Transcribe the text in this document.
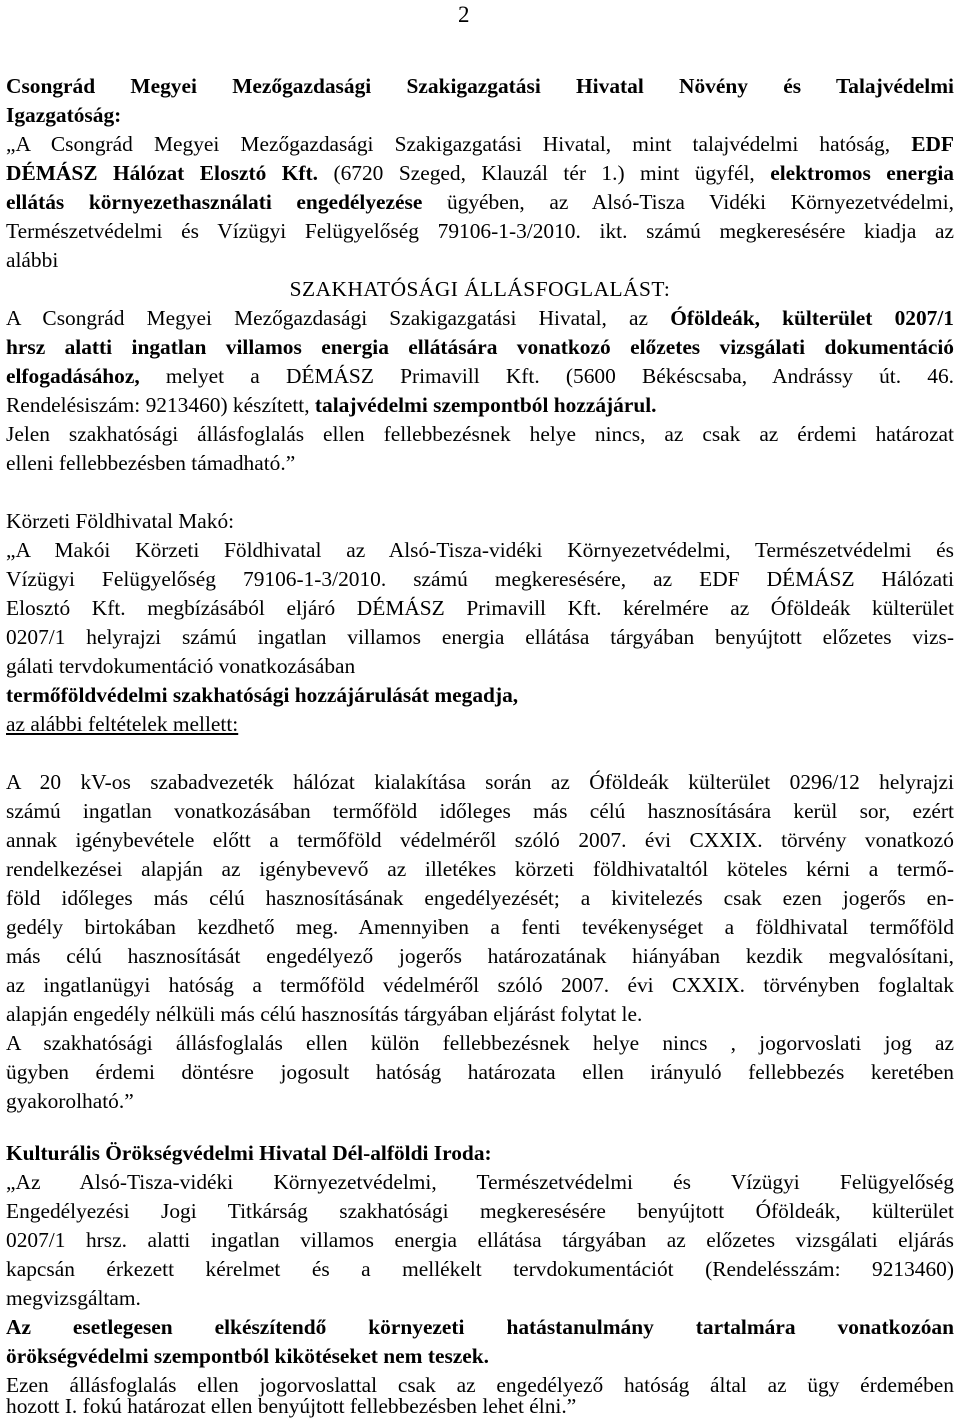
2
Csongrád Megyei Mezőgazdasági Szakigazgatási Hivatal Növény és Talajvédelmi
Igazgatóság:
„A Csongrád Megyei Mezőgazdasági Szakigazgatási Hivatal, mint talajvédelmi hatóság, EDF
DÉMÁSZ Hálózat Elosztó Kft. (6720 Szeged, Klauzál tér 1.) mint ügyfél, elektromos energia
ellátás környezethasználati engedélyezése ügyében, az Alsó-Tisza Vidéki Környezetvédelmi,
Természetvédelmi és Vízügyi Felügyelőség 79106-1-3/2010. ikt. számú megkeresésére kiadja az
alábbi
SZAKHATÓSÁGI ÁLLÁSFOGLALÁST:
A Csongrád Megyei Mezőgazdasági Szakigazgatási Hivatal, az Óföldeák, külterület 0207/1
hrsz alatti ingatlan villamos energia ellátására vonatkozó előzetes vizsgálati dokumentáció
elfogadásához, melyet a DÉMÁSZ Primavill Kft. (5600 Békéscsaba, Andrássy út. 46.
Rendelésiszám: 9213460) készített, talajvédelmi szempontból hozzájárul.
Jelen szakhatósági állásfoglalás ellen fellebbezésnek helye nincs, az csak az érdemi határozat
elleni fellebbezésben támadható.”
Körzeti Földhivatal Makó:
„A Makói Körzeti Földhivatal az Alsó-Tisza-vidéki Környezetvédelmi, Természetvédelmi és
Vízügyi Felügyelőség 79106-1-3/2010. számú megkeresésére, az EDF DÉMÁSZ Hálózati
Elosztó Kft. megbízásából eljáró DÉMÁSZ Primavill Kft. kérelmére az Óföldeák külterület
0207/1 helyrajzi számú ingatlan villamos energia ellátása tárgyában benyújtott előzetes vizs-
gálati tervdokumentáció vonatkozásában
termőföldvédelmi szakhatósági hozzájárulását megadja,
az alábbi feltételek mellett:
A 20 kV-os szabadvezeték hálózat kialakítása során az Óföldeák külterület 0296/12 helyrajzi
számú ingatlan vonatkozásában termőföld időleges más célú hasznosítására kerül sor, ezért
annak igénybevétele előtt a termőföld védelméről szóló 2007. évi CXXIX. törvény vonatkozó
rendelkezései alapján az igénybevevő az illetékes körzeti földhivataltól köteles kérni a termő-
föld időleges más célú hasznosításának engedélyezését; a kivitelezés csak ezen jogerős en-
gedély birtokában kezdhető meg. Amennyiben a fenti tevékenységet a földhivatal termőföld
más célú hasznosítását engedélyező jogerős határozatának hiányában kezdik megvalósítani,
az ingatlanügyi hatóság a termőföld védelméről szóló 2007. évi CXXIX. törvényben foglaltak
alapján engedély nélküli más célú hasznosítás tárgyában eljárást folytat le.
A szakhatósági állásfoglalás ellen külön fellebbezésnek helye nincs , jogorvoslati jog az
ügyben érdemi döntésre jogosult hatóság határozata ellen irányuló fellebbezés keretében
gyakorolható.”
Kulturális Örökségvédelmi Hivatal Dél-alföldi Iroda:
„Az Alsó-Tisza-vidéki Környezetvédelmi, Természetvédelmi és Vízügyi Felügyelőség
Engedélyezési Jogi Titkárság szakhatósági megkeresésére benyújtott Óföldeák, külterület
0207/1 hrsz. alatti ingatlan villamos energia ellátása tárgyában az előzetes vizsgálati eljárás
kapcsán érkezett kérelmet és a mellékelt tervdokumentációt (Rendelésszám: 9213460)
megvizsgáltam.
Az esetlegesen elkészítendő környezeti hatástanulmány tartalmára vonatkozóan
örökségvédelmi szempontból kikötéseket nem teszek.
Ezen állásfoglalás ellen jogorvoslattal csak az engedélyező hatóság által az ügy érdemében
hozott I. fokú határozat ellen benyújtott fellebbezésben lehet élni.”
